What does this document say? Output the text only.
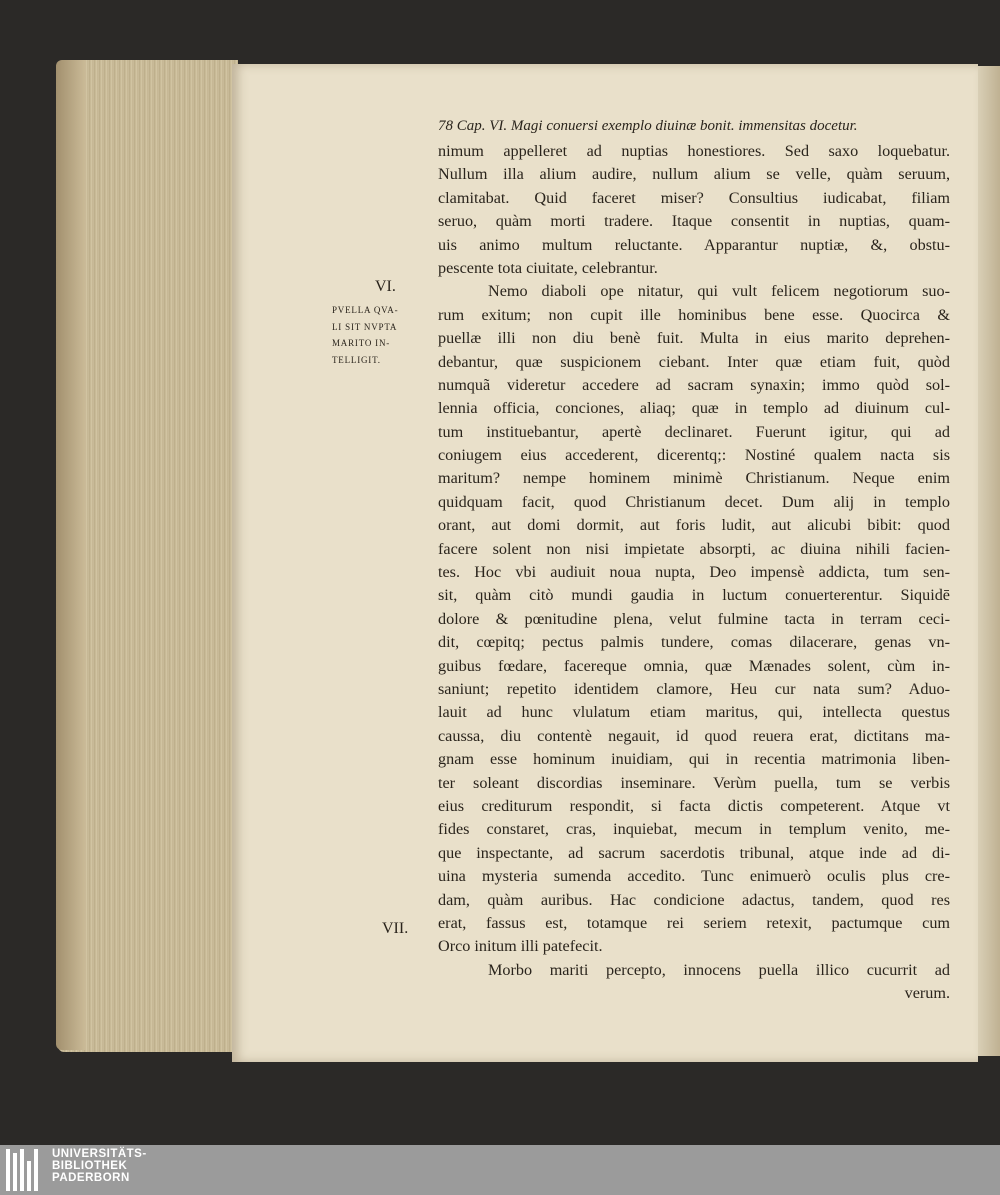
78 Cap. VI. Magi conuersi exemplo diuinæ bonit. immensitas docetur.
nimum appelleret ad nuptias honestiores. Sed saxo loquebatur.
Nullum illa alium audire, nullum alium se velle, quàm seruum,
clamitabat. Quid faceret miser? Consultius iudicabat, filiam
seruo, quàm morti tradere. Itaque consentit in nuptias, quam-
uis animo multum reluctante. Apparantur nuptiæ, &, obstu-
pescente tota ciuitate, celebrantur.
Nemo diaboli ope nitatur, qui vult felicem negotiorum suo-
rum exitum; non cupit ille hominibus bene esse. Quocirca &
puellæ illi non diu benè fuit. Multa in eius marito deprehen-
debantur, quæ suspicionem ciebant. Inter quæ etiam fuit, quòd
numquã videretur accedere ad sacram synaxin; immo quòd sol-
lennia officia, conciones, aliaq; quæ in templo ad diuinum cul-
tum instituebantur, apertè declinaret. Fuerunt igitur, qui ad
coniugem eius accederent, dicerentq;: Nostiné qualem nacta sis
maritum? nempe hominem minimè Christianum. Neque enim
quidquam facit, quod Christianum decet. Dum alij in templo
orant, aut domi dormit, aut foris ludit, aut alicubi bibit: quod
facere solent non nisi impietate absorpti, ac diuina nihili facien-
tes. Hoc vbi audiuit noua nupta, Deo impensè addicta, tum sen-
sit, quàm citò mundi gaudia in luctum conuerterentur. Siquidē
dolore & pœnitudine plena, velut fulmine tacta in terram ceci-
dit, cœpitq; pectus palmis tundere, comas dilacerare, genas vn-
guibus fœdare, facereque omnia, quæ Mænades solent, cùm in-
saniunt; repetito identidem clamore, Heu cur nata sum? Aduo-
lauit ad hunc vlulatum etiam maritus, qui, intellecta questus
caussa, diu contentè negauit, id quod reuera erat, dictitans ma-
gnam esse hominum inuidiam, qui in recentia matrimonia liben-
ter soleant discordias inseminare. Verùm puella, tum se verbis
eius crediturum respondit, si facta dictis competerent. Atque vt
fides constaret, cras, inquiebat, mecum in templum venito, me-
que inspectante, ad sacrum sacerdotis tribunal, atque inde ad di-
uina mysteria sumenda accedito. Tunc enimuerò oculis plus cre-
dam, quàm auribus. Hac condicione adactus, tandem, quod res
erat, fassus est, totamque rei seriem retexit, pactumque cum
Orco initum illi patefecit.
Morbo mariti percepto, innocens puella illico cucurrit ad
verum.
VI.
PVELLA QVA-
LI SIT NVPTA
MARITO IN-
TELLIGIT.
VII.
UNIVERSITÄTS-
BIBLIOTHEK
PADERBORN
